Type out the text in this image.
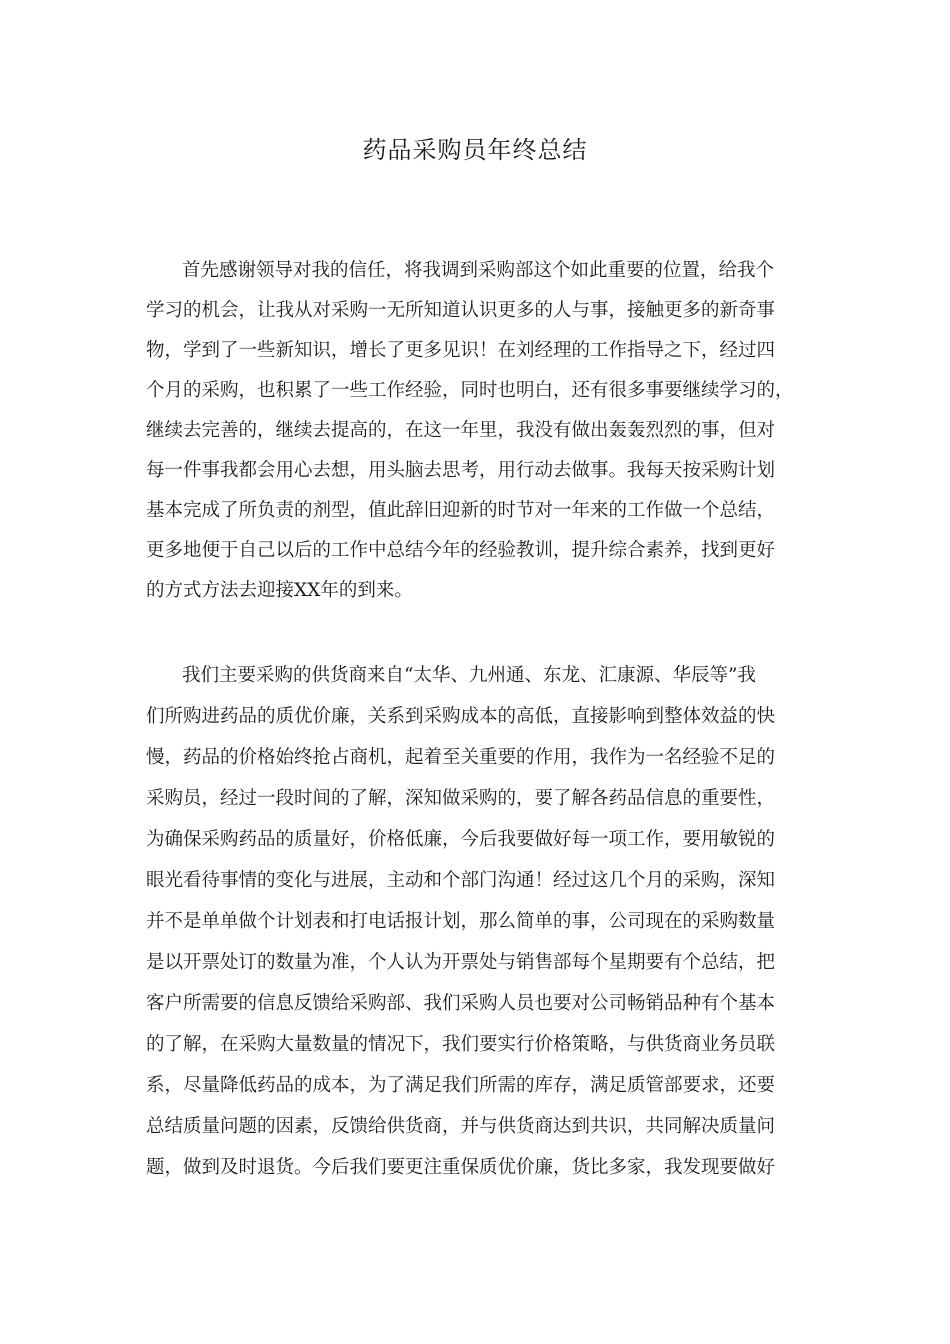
药品采购员年终总结

首先感谢领导对我的信任，将我调到采购部这个如此重要的位置，给我个

学习的机会，让我从对采购一无所知道认识更多的人与事，接触更多的新奇事

物，学到了一些新知识，增长了更多见识！在刘经理的工作指导之下，经过四

个月的采购，也积累了一些工作经验，同时也明白，还有很多事要继续学习的，

继续去完善的，继续去提高的，在这一年里，我没有做出轰轰烈烈的事，但对

每一件事我都会用心去想，用头脑去思考，用行动去做事。我每天按采购计划

基本完成了所负责的剂型，值此辞旧迎新的时节对一年来的工作做一个总结，

更多地便于自己以后的工作中总结今年的经验教训，提升综合素养，找到更好

的方式方法去迎接XX年的到来。

我们主要采购的供货商来自“太华、九州通、东龙、汇康源、华辰等”我

们所购进药品的质优价廉，关系到采购成本的高低，直接影响到整体效益的快

慢，药品的价格始终抢占商机，起着至关重要的作用，我作为一名经验不足的

采购员，经过一段时间的了解，深知做采购的，要了解各药品信息的重要性，

为确保采购药品的质量好，价格低廉，今后我要做好每一项工作，要用敏锐的

眼光看待事情的变化与进展，主动和个部门沟通！经过这几个月的采购，深知

并不是单单做个计划表和打电话报计划，那么简单的事，公司现在的采购数量

是以开票处订的数量为准，个人认为开票处与销售部每个星期要有个总结，把

客户所需要的信息反馈给采购部、我们采购人员也要对公司畅销品种有个基本

的了解，在采购大量数量的情况下，我们要实行价格策略，与供货商业务员联

系，尽量降低药品的成本，为了满足我们所需的库存，满足质管部要求，还要

总结质量问题的因素，反馈给供货商，并与供货商达到共识，共同解决质量问

题，做到及时退货。今后我们要更注重保质优价廉，货比多家，我发现要做好
